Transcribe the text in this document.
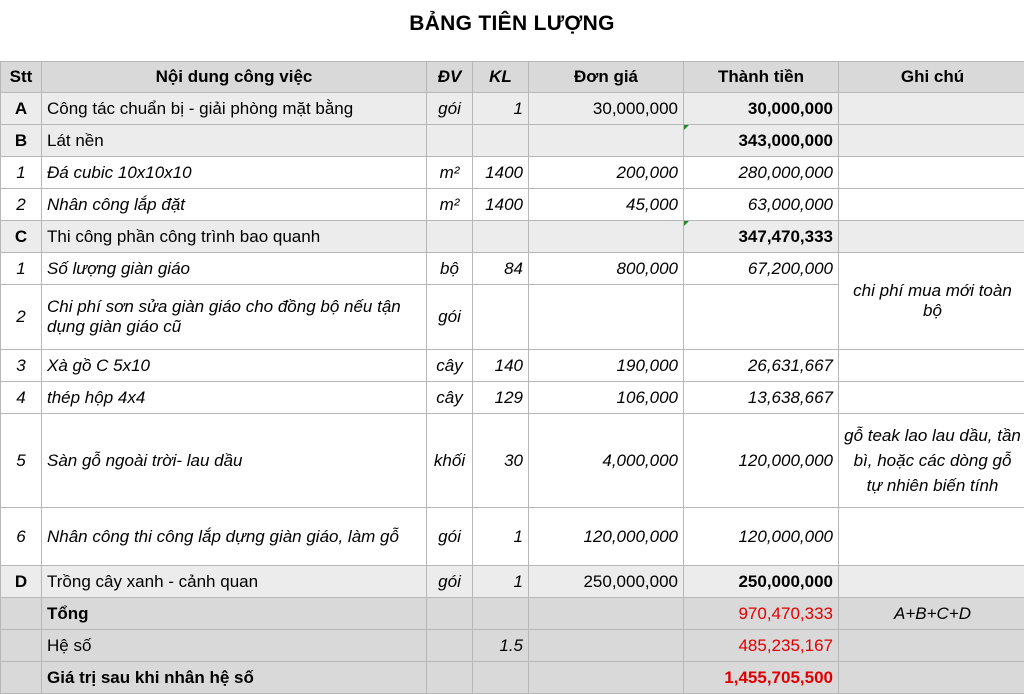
BẢNG TIÊN LƯỢNG
Stt	Nội dung công việc	ĐV	KL	Đơn giá	Thành tiền	Ghi chú
A	Công tác chuẩn bị - giải phòng mặt bằng	gói	1	30,000,000	30,000,000	
B	Lát nền				343,000,000	
1	Đá cubic 10x10x10	m²	1400	200,000	280,000,000	
2	Nhân công lắp đặt	m²	1400	45,000	63,000,000	
C	Thi công phần công trình bao quanh				347,470,333	
1	Số lượng giàn giáo	bộ	84	800,000	67,200,000	chi phí mua mới toàn bộ
2	Chi phí sơn sửa giàn giáo cho đồng bộ nếu tận dụng giàn giáo cũ	gói				
3	Xà gồ C 5x10	cây	140	190,000	26,631,667	
4	thép hộp 4x4	cây	129	106,000	13,638,667	
5	Sàn gỗ ngoài trời- lau dầu	khối	30	4,000,000	120,000,000	gỗ teak lao lau dầu, tần bì, hoặc các dòng gỗ tự nhiên biến tính
6	Nhân công thi công lắp dựng giàn giáo, làm gỗ	gói	1	120,000,000	120,000,000	
D	Trồng cây xanh - cảnh quan	gói	1	250,000,000	250,000,000	
	Tổng				970,470,333	A+B+C+D
	Hệ số		1.5		485,235,167	
	Giá trị sau khi nhân hệ số				1,455,705,500	
